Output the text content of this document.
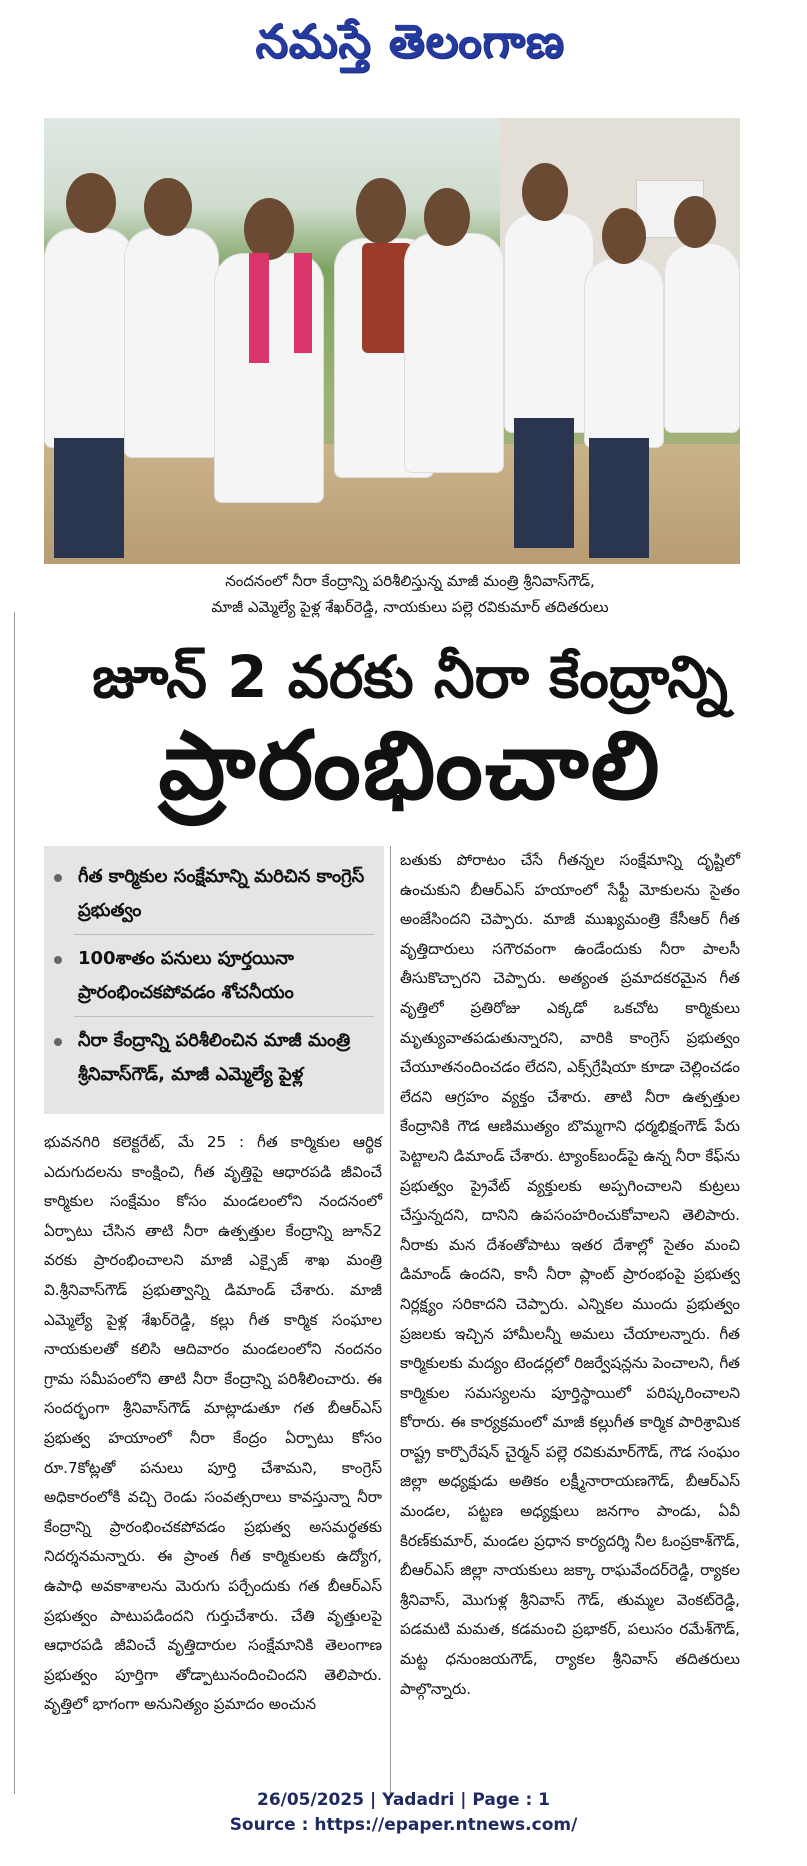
నమస్తే తెలంగాణ
నందనంలో నీరా కేంద్రాన్ని పరిశీలిస్తున్న మాజీ మంత్రి శ్రీనివాస్‌గౌడ్,
మాజీ ఎమ్మెల్యే పైళ్ల శేఖర్‌రెడ్డి, నాయకులు పల్లె రవికుమార్ తదితరులు
జూన్ 2 వరకు నీరా కేంద్రాన్ని
ప్రారంభించాలి
గీత కార్మికుల సంక్షేమాన్ని మరిచిన కాంగ్రెస్ ప్రభుత్వం
100శాతం పనులు పూర్తయినా ప్రారంభించకపోవడం శోచనీయం
నీరా కేంద్రాన్ని పరిశీలించిన మాజీ మంత్రి శ్రీనివాస్‌గౌడ్, మాజీ ఎమ్మెల్యే పైళ్ల

భువనగిరి కలెక్టరేట్, మే 25 : గీత కార్మికుల ఆర్థిక ఎదుగుదలను కాంక్షించి, గీత వృత్తిపై ఆధారపడి జీవించే కార్మికుల సంక్షేమం కోసం మండలంలోని నందనంలో ఏర్పాటు చేసిన తాటి నీరా ఉత్పత్తుల కేంద్రాన్ని జూన్2 వరకు ప్రారంభించాలని మాజీ ఎక్సైజ్ శాఖ మంత్రి వి.శ్రీనివాస్‌గౌడ్ ప్రభుత్వాన్ని డిమాండ్ చేశారు. మాజీ ఎమ్మెల్యే పైళ్ల శేఖర్‌రెడ్డి, కల్లు గీత కార్మిక సంఘాల నాయకులతో కలిసి ఆదివారం మండలంలోని నందనం గ్రామ సమీపంలోని తాటి నీరా కేంద్రాన్ని పరిశీలించారు. ఈ సందర్భంగా శ్రీనివాస్‌గౌడ్ మాట్లాడుతూ గత బీఆర్‌ఎస్ ప్రభుత్వ హయాంలో నీరా కేంద్రం ఏర్పాటు కోసం రూ.7కోట్లతో పనులు పూర్తి చేశామని, కాంగ్రెస్ అధికారంలోకి వచ్చి రెండు సంవత్సరాలు కావస్తున్నా నీరా కేంద్రాన్ని ప్రారంభించకపోవడం ప్రభుత్వ అసమర్థతకు నిదర్శనమన్నారు. ఈ ప్రాంత గీత కార్మికులకు ఉద్యోగ, ఉపాధి అవకాశాలను మెరుగు పర్చేందుకు గత బీఆర్‌ఎస్ ప్రభుత్వం పాటుపడిందని గుర్తుచేశారు. చేతి వృత్తులపై ఆధారపడి జీవించే వృత్తిదారుల సంక్షేమానికి తెలంగాణ ప్రభుత్వం పూర్తిగా తోడ్పాటునందించిందని తెలిపారు. వృత్తిలో భాగంగా అనునిత్యం ప్రమాదం అంచున

బతుకు పోరాటం చేసే గీతన్నల సంక్షేమాన్ని దృష్టిలో ఉంచుకుని బీఆర్‌ఎస్ హయాంలో సేఫ్టీ మోకులను సైతం అంజేసిందని చెప్పారు. మాజీ ముఖ్యమంత్రి కేసీఆర్ గీత వృత్తిదారులు సగౌరవంగా ఉండేందుకు నీరా పాలసీ తీసుకొచ్చారని చెప్పారు. అత్యంత ప్రమాదకరమైన గీత వృత్తిలో ప్రతిరోజు ఎక్కడో ఒకచోట కార్మికులు మృత్యువాతపడుతున్నారని, వారికి కాంగ్రెస్ ప్రభుత్వం చేయూతనందించడం లేదని, ఎక్స్‌గ్రేషియా కూడా చెల్లించడం లేదని ఆగ్రహం వ్యక్తం చేశారు. తాటి నీరా ఉత్పత్తుల కేంద్రానికి గౌడ ఆణిముత్యం బొమ్మగాని ధర్మభిక్షంగౌడ్ పేరు పెట్టాలని డిమాండ్ చేశారు. ట్యాంక్‌బండ్‌పై ఉన్న నీరా కేఫ్‌ను ప్రభుత్వం ప్రైవేట్ వ్యక్తులకు అప్పగించాలని కుట్రలు చేస్తున్నదని, దానిని ఉపసంహరించుకోవాలని తెలిపారు. నీరాకు మన దేశంతోపాటు ఇతర దేశాల్లో సైతం మంచి డిమాండ్ ఉందని, కానీ నీరా ప్లాంట్ ప్రారంభంపై ప్రభుత్వ నిర్లక్ష్యం సరికాదని చెప్పారు. ఎన్నికల ముందు ప్రభుత్వం ప్రజలకు ఇచ్చిన హామీలన్నీ అమలు చేయాలన్నారు. గీత కార్మికులకు మద్యం టెండర్లలో రిజర్వేషన్లను పెంచాలని, గీత కార్మికుల సమస్యలను పూర్తిస్థాయిలో పరిష్కరించాలని కోరారు. ఈ కార్యక్రమంలో మాజీ కల్లుగీత కార్మిక పారిశ్రామిక రాష్ట్ర కార్పొరేషన్ చైర్మన్ పల్లె రవికుమార్‌గౌడ్, గౌడ సంఘం జిల్లా అధ్యక్షుడు అతికం లక్ష్మీనారాయణగౌడ్, బీఆర్‌ఎస్ మండల, పట్టణ అధ్యక్షులు జనగాం పాండు, ఏవీ కిరణ్‌కుమార్, మండల ప్రధాన కార్యదర్శి నీల ఓంప్రకాశ్‌గౌడ్, బీఆర్‌ఎస్ జిల్లా నాయకులు జక్కా రాఘవేందర్‌రెడ్డి, ర్యాకల శ్రీనివాస్, మొగుళ్ల శ్రీనివాస్ గౌడ్, తుమ్మల వెంకట్‌రెడ్డి, పడమటి మమత, కడమంచి ప్రభాకర్, పలుసం రమేశ్‌గౌడ్, మట్ట ధనుంజయగౌడ్, ర్యాకల శ్రీనివాస్ తదితరులు పాల్గొన్నారు.

26/05/2025 | Yadadri | Page : 1
Source : https://epaper.ntnews.com/
